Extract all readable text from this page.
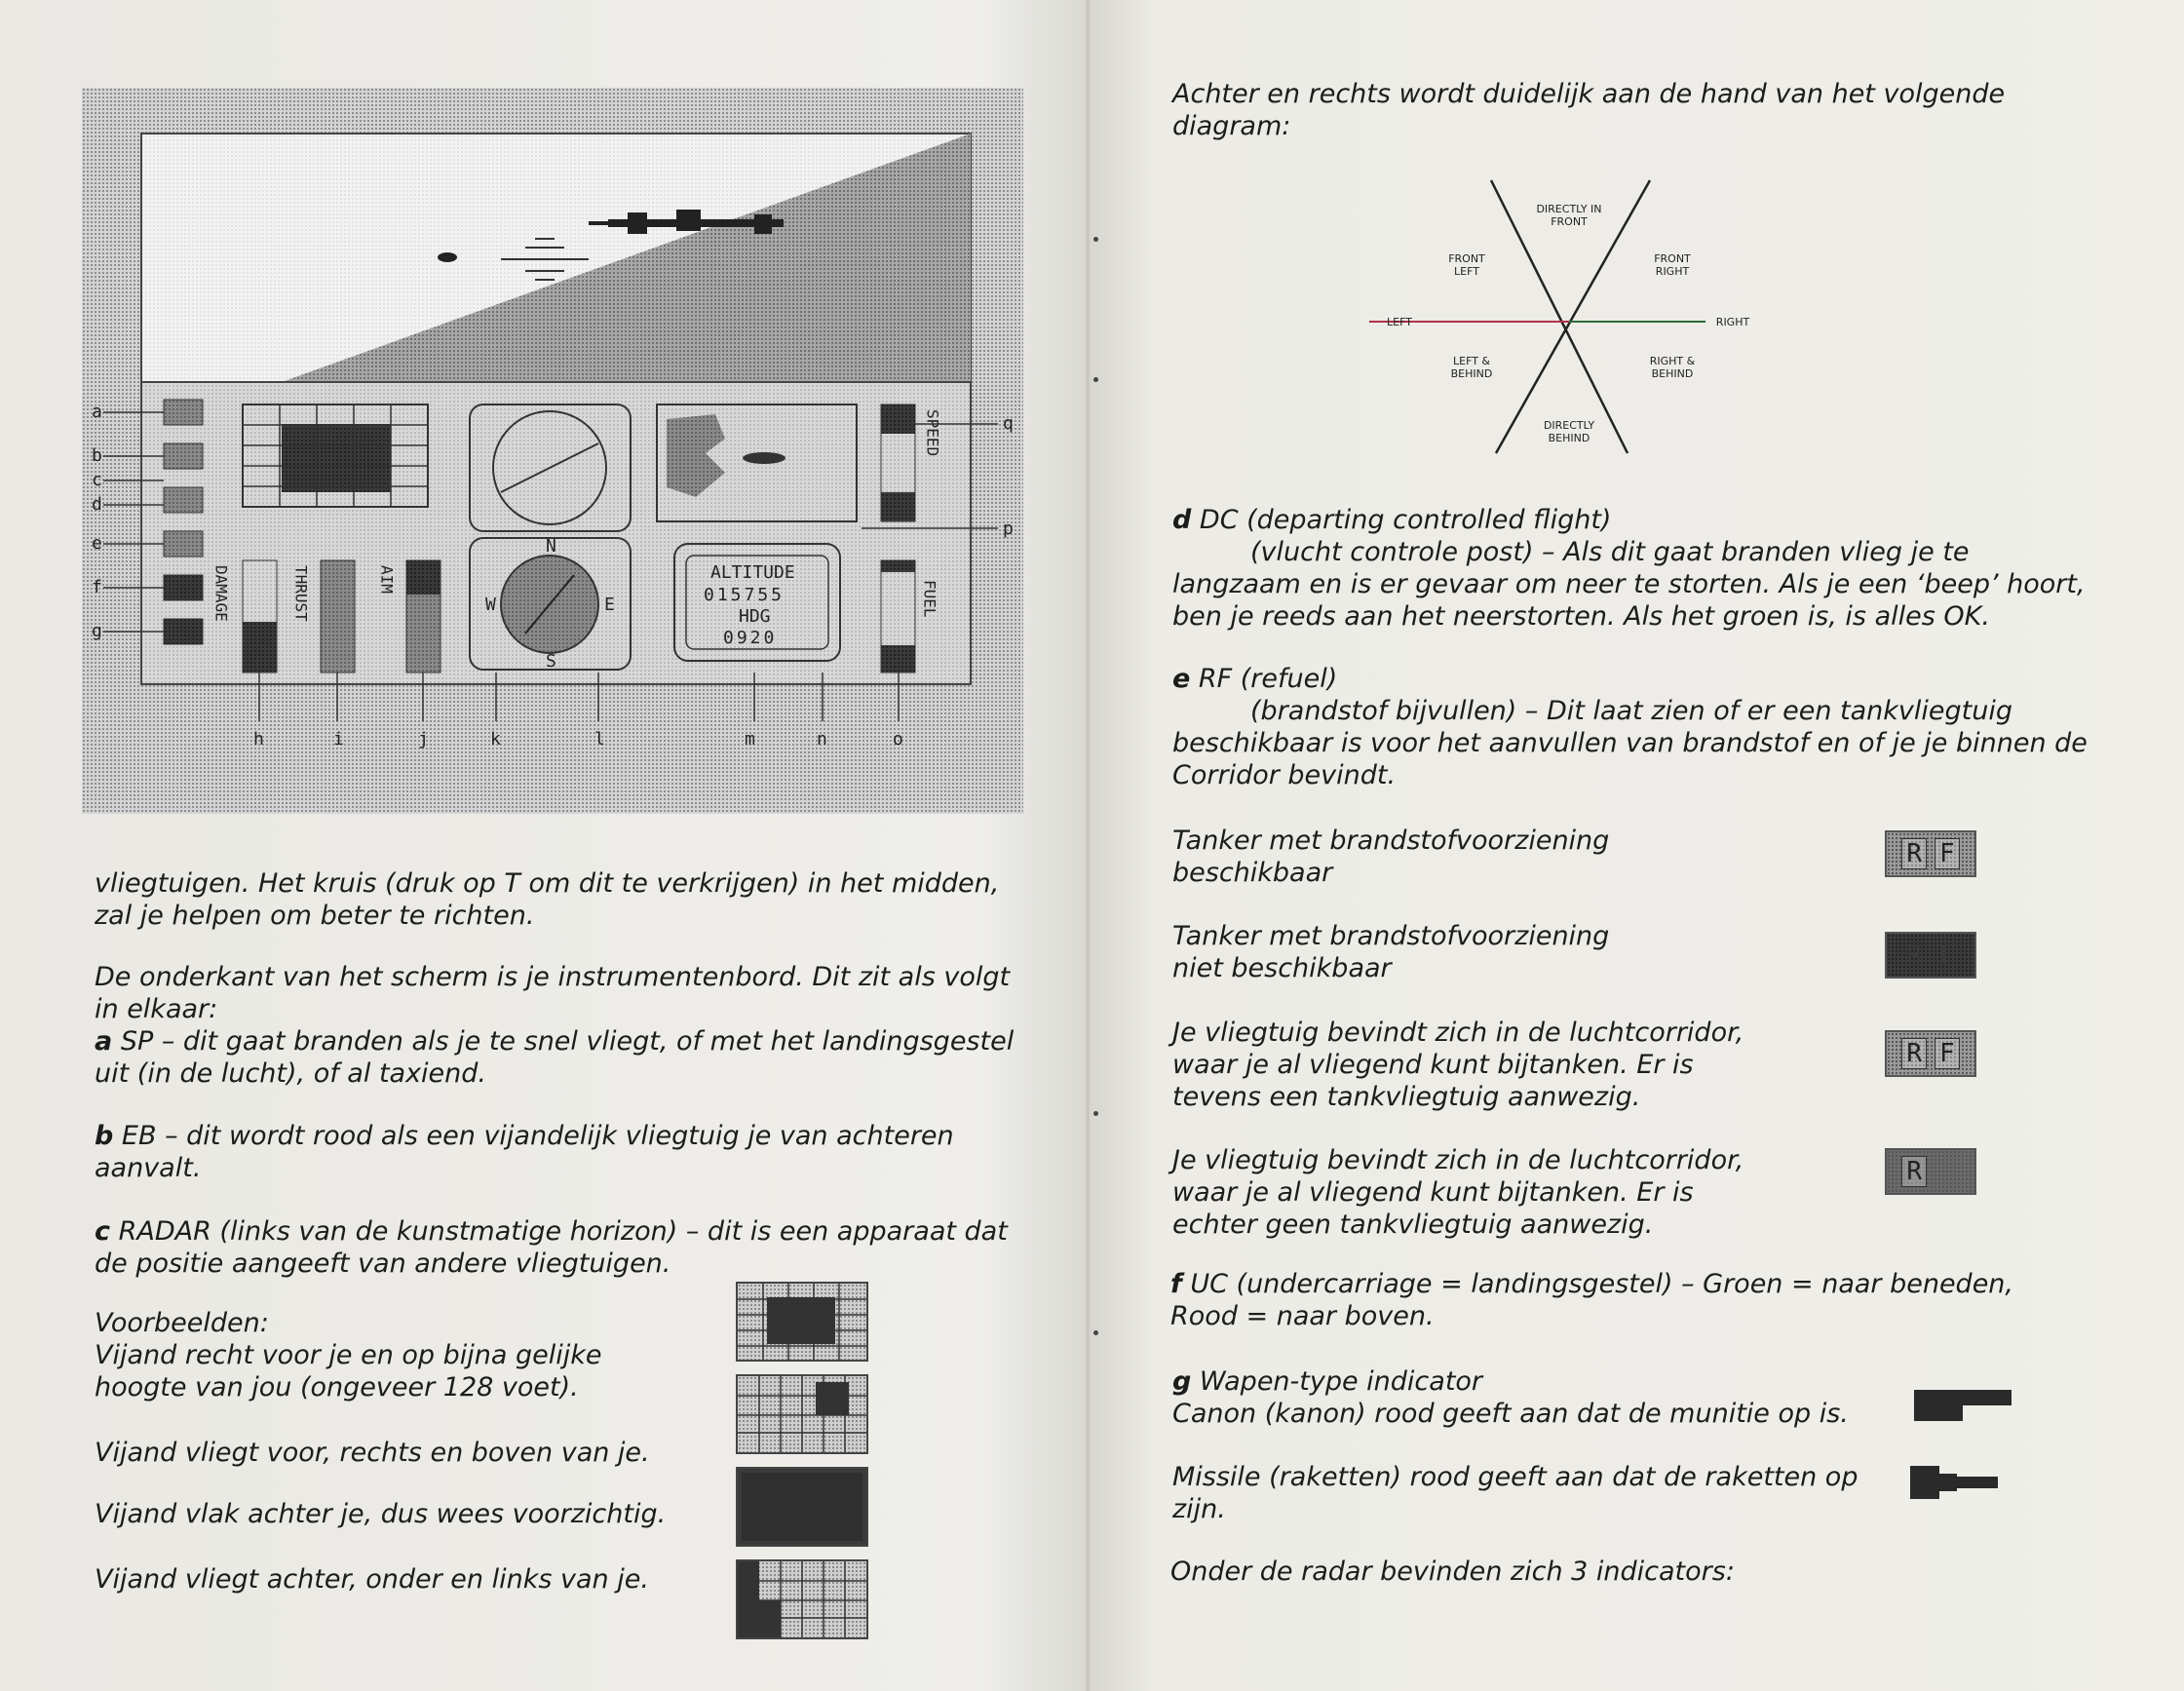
a
b
c
d
e
f
g
N
W	E
S
ALTITUDE
015755
HDG
0920
DAMAGE	THRUST	AIM
SPEED
FUEL
q
p
h	i	j	k	l	m	n	o

vliegtuigen. Het kruis (druk op T om dit te verkrijgen) in het midden, zal je helpen om beter te richten.

De onderkant van het scherm is je instrumentenbord. Dit zit als volgt in elkaar:

a SP – dit gaat branden als je te snel vliegt, of met het landingsgestel uit (in de lucht), of al taxiend.

b EB – dit wordt rood als een vijandelijk vliegtuig je van achteren aanvalt.

c RADAR (links van de kunstmatige horizon) – dit is een apparaat dat de positie aangeeft van andere vliegtuigen.

Voorbeelden:

Vijand recht voor je en op bijna gelijke hoogte van jou (ongeveer 128 voet).

Vijand vliegt voor, rechts en boven van je.

Vijand vlak achter je, dus wees voorzichtig.

Vijand vliegt achter, onder en links van je.

Achter en rechts wordt duidelijk aan de hand van het volgende diagram:

DIRECTLY IN
FRONT
FRONT
LEFT
FRONT
RIGHT
LEFT	RIGHT
LEFT &
BEHIND
RIGHT &
BEHIND
DIRECTLY
BEHIND

d DC (departing controlled flight)

(vlucht controle post) – Als dit gaat branden vlieg je te langzaam en is er gevaar om neer te storten. Als je een ‘beep’ hoort, ben je reeds aan het neerstorten. Als het groen is, is alles OK.

e RF (refuel)

(brandstof bijvullen) – Dit laat zien of er een tankvliegtuig beschikbaar is voor het aanvullen van brandstof en of je je binnen de Corridor bevindt.

Tanker met brandstofvoorziening beschikbaar

Tanker met brandstofvoorziening niet beschikbaar

Je vliegtuig bevindt zich in de luchtcorridor, waar je al vliegend kunt bijtanken. Er is tevens een tankvliegtuig aanwezig.

Je vliegtuig bevindt zich in de luchtcorridor, waar je al vliegend kunt bijtanken. Er is echter geen tankvliegtuig aanwezig.

R F
R F
R F
R

f UC (undercarriage = landingsgestel) – Groen = naar beneden, Rood = naar boven.

g Wapen-type indicator

Canon (kanon) rood geeft aan dat de munitie op is.

Missile (raketten) rood geeft aan dat de raketten op zijn.

Onder de radar bevinden zich 3 indicators:
